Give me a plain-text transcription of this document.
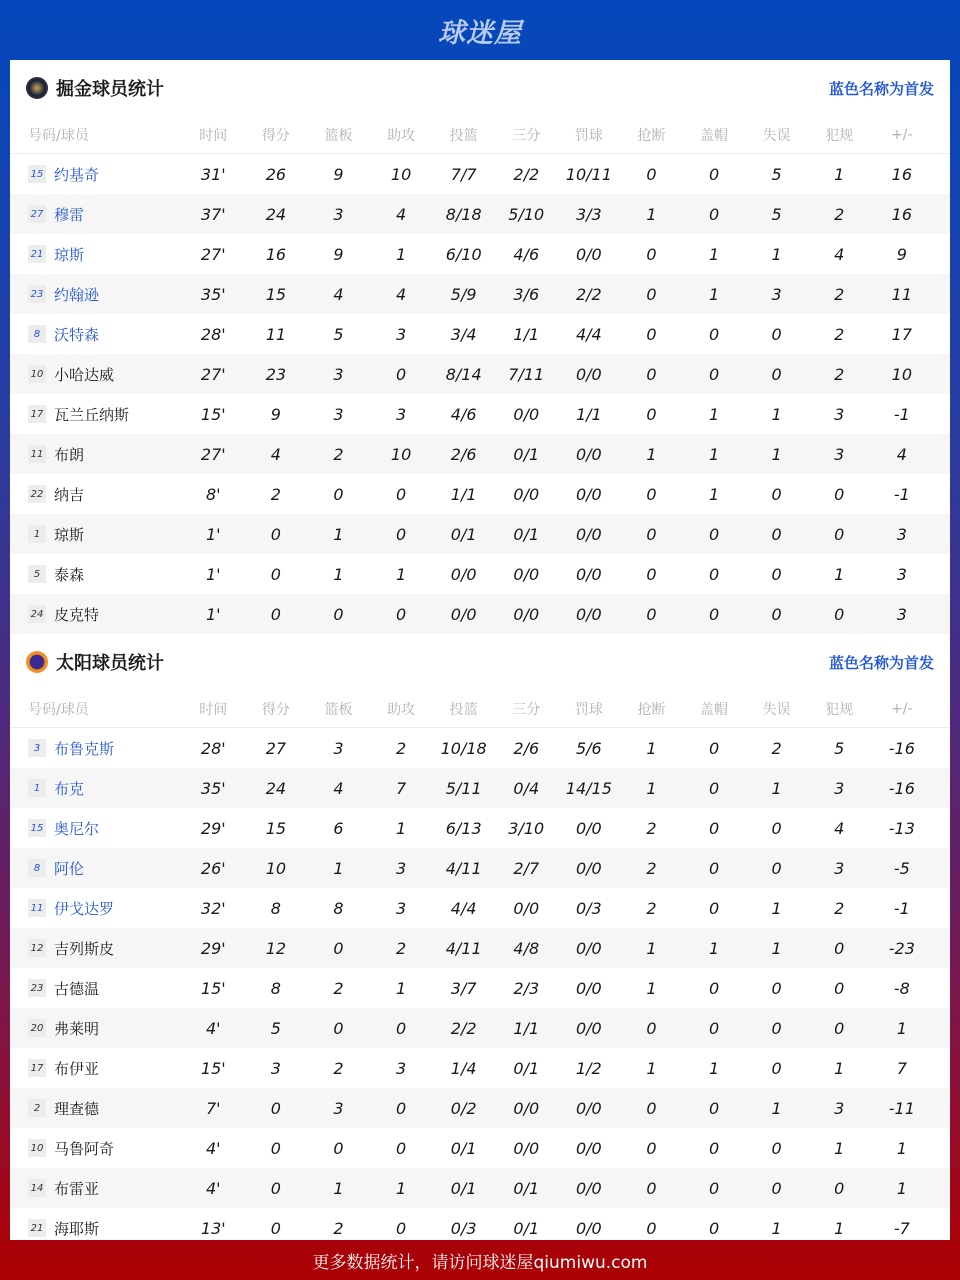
球迷屋
掘金球员统计	蓝色名称为首发
号码/球员	时间	得分	篮板	助攻	投篮	三分	罚球	抢断	盖帽	失误	犯规	+/-
15 约基奇	31'	26	9	10	7/7	2/2	10/11	0	0	5	1	16
27 穆雷	37'	24	3	4	8/18	5/10	3/3	1	0	5	2	16
21 琼斯	27'	16	9	1	6/10	4/6	0/0	0	1	1	4	9
23 约翰逊	35'	15	4	4	5/9	3/6	2/2	0	1	3	2	11
8 沃特森	28'	11	5	3	3/4	1/1	4/4	0	0	0	2	17
10 小哈达威	27'	23	3	0	8/14	7/11	0/0	0	0	0	2	10
17 瓦兰丘纳斯	15'	9	3	3	4/6	0/0	1/1	0	1	1	3	-1
11 布朗	27'	4	2	10	2/6	0/1	0/0	1	1	1	3	4
22 纳吉	8'	2	0	0	1/1	0/0	0/0	0	1	0	0	-1
1 琼斯	1'	0	1	0	0/1	0/1	0/0	0	0	0	0	3
5 泰森	1'	0	1	1	0/0	0/0	0/0	0	0	0	1	3
24 皮克特	1'	0	0	0	0/0	0/0	0/0	0	0	0	0	3
太阳球员统计	蓝色名称为首发
号码/球员	时间	得分	篮板	助攻	投篮	三分	罚球	抢断	盖帽	失误	犯规	+/-
3 布鲁克斯	28'	27	3	2	10/18	2/6	5/6	1	0	2	5	-16
1 布克	35'	24	4	7	5/11	0/4	14/15	1	0	1	3	-16
15 奥尼尔	29'	15	6	1	6/13	3/10	0/0	2	0	0	4	-13
8 阿伦	26'	10	1	3	4/11	2/7	0/0	2	0	0	3	-5
11 伊戈达罗	32'	8	8	3	4/4	0/0	0/3	2	0	1	2	-1
12 吉列斯皮	29'	12	0	2	4/11	4/8	0/0	1	1	1	0	-23
23 古德温	15'	8	2	1	3/7	2/3	0/0	1	0	0	0	-8
20 弗莱明	4'	5	0	0	2/2	1/1	0/0	0	0	0	0	1
17 布伊亚	15'	3	2	3	1/4	0/1	1/2	1	1	0	1	7
2 理查德	7'	0	3	0	0/2	0/0	0/0	0	0	1	3	-11
10 马鲁阿奇	4'	0	0	0	0/1	0/0	0/0	0	0	0	1	1
14 布雷亚	4'	0	1	1	0/1	0/1	0/0	0	0	0	0	1
21 海耶斯	13'	0	2	0	0/3	0/1	0/0	0	0	1	1	-7
更多数据统计，请访问球迷屋qiumiwu.com
